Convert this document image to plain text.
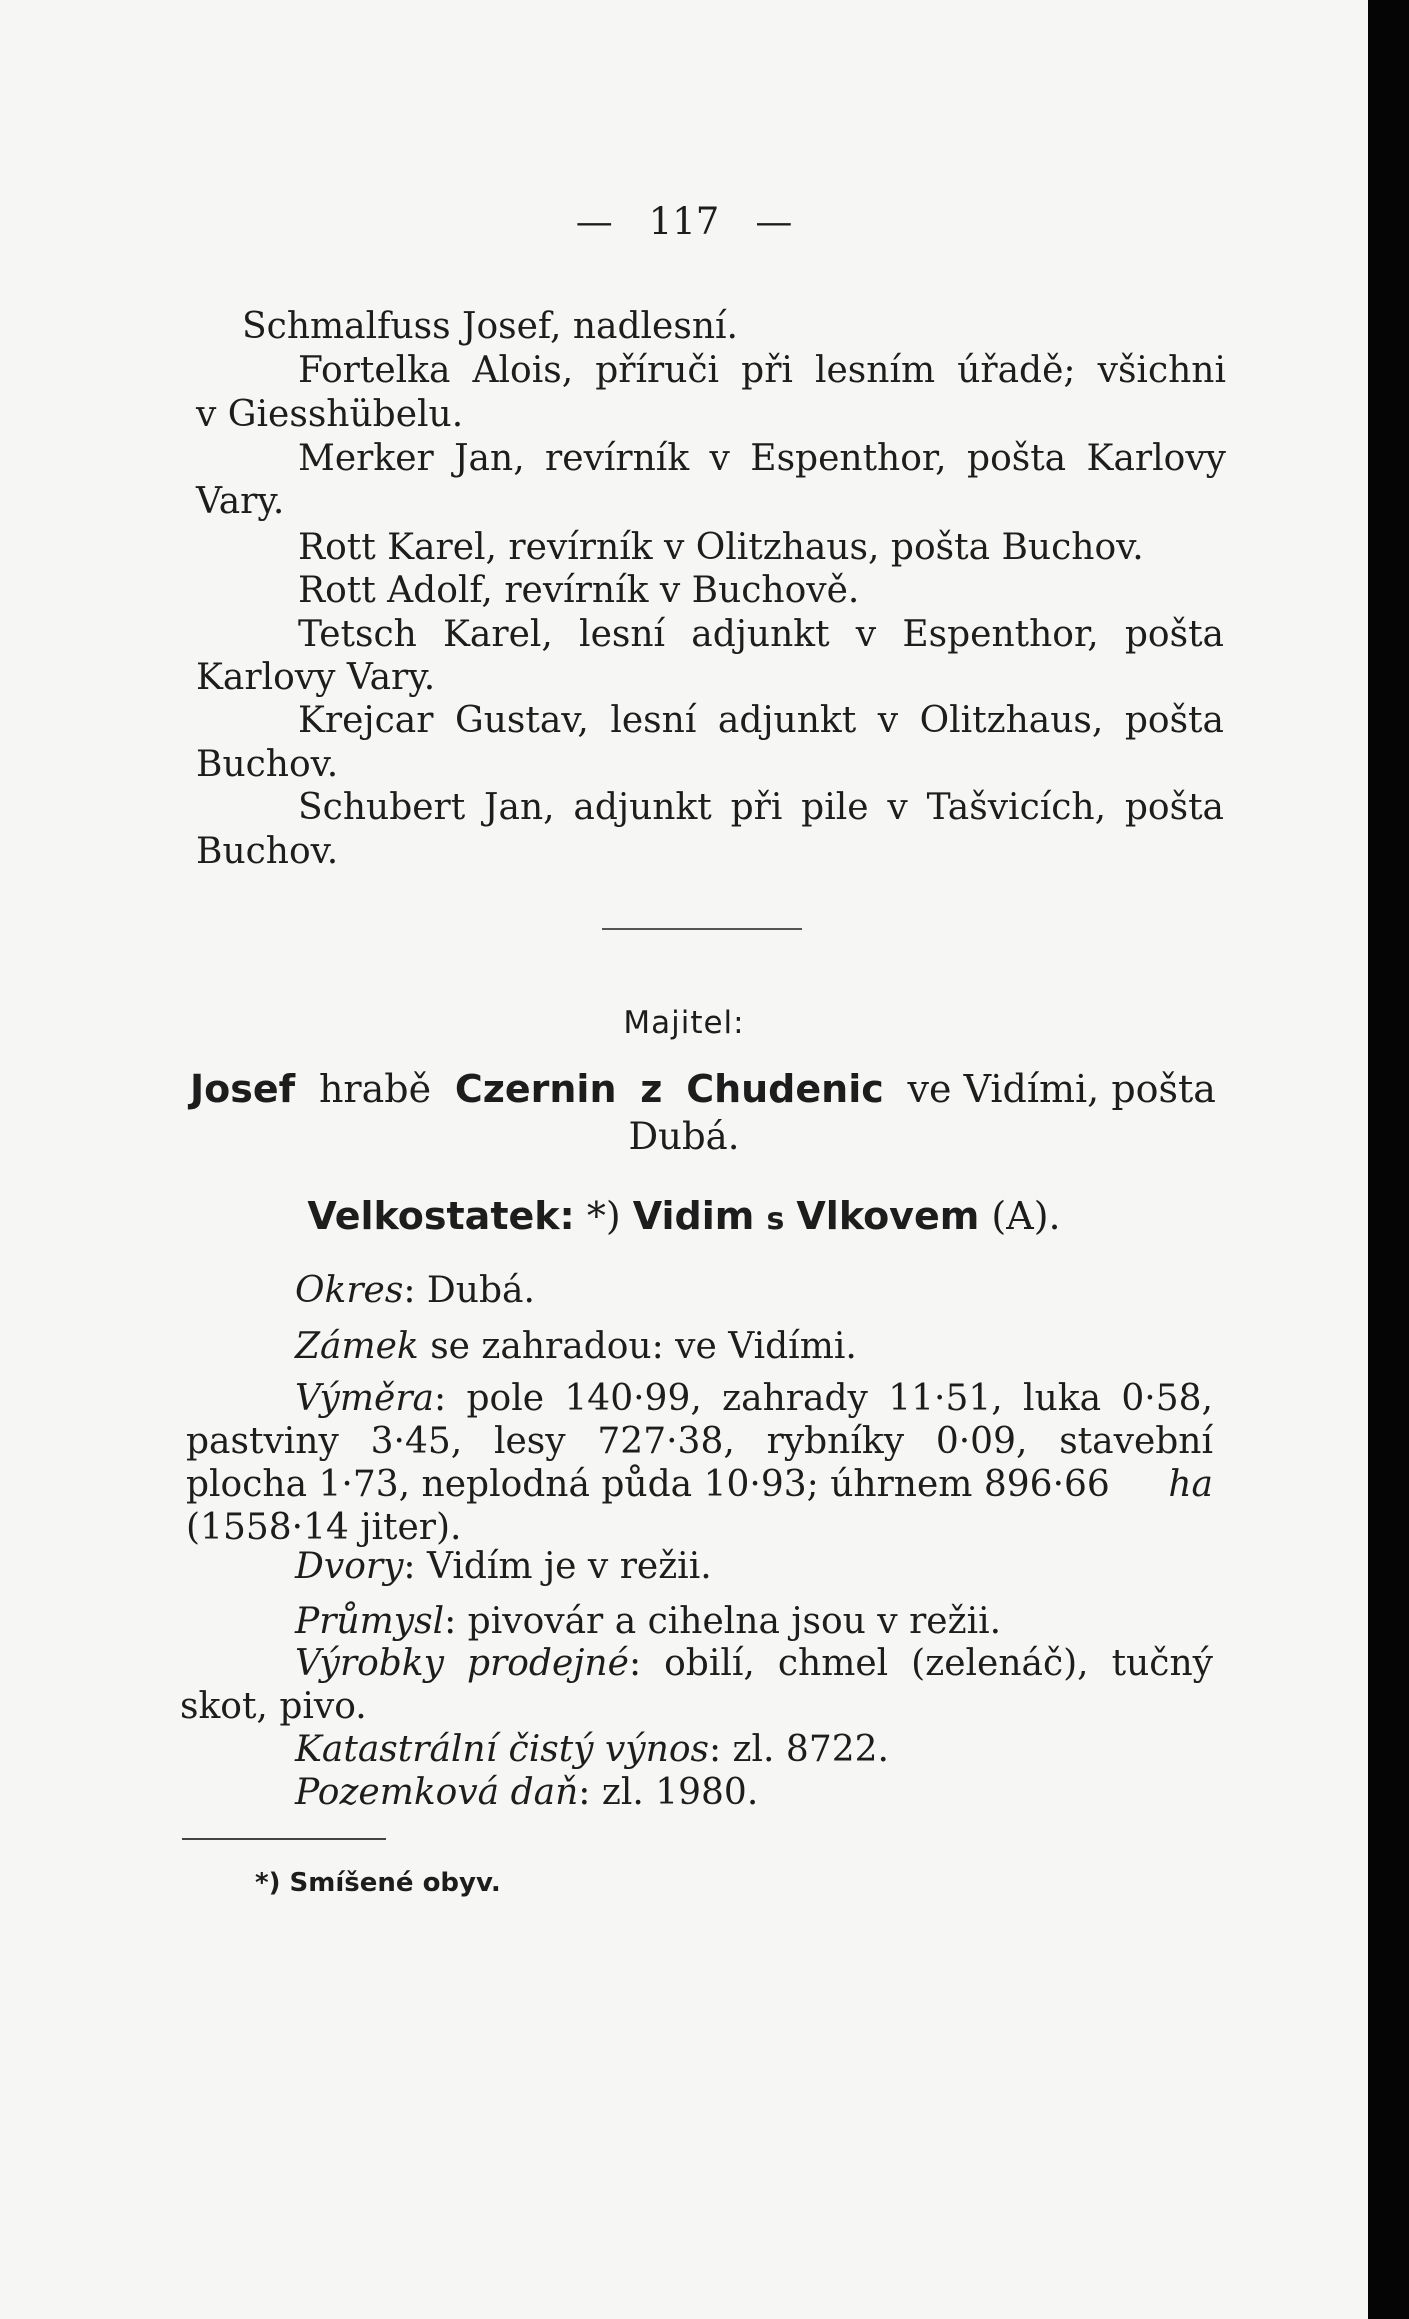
— 117 —
Schmalfuss Josef, nadlesní.
Fortelka Alois, příruči při lesním úřadě; všichni
v Giesshübelu.
Merker Jan, revírník v Espenthor, pošta Karlovy
Vary.
Rott Karel, revírník v Olitzhaus, pošta Buchov.
Rott Adolf, revírník v Buchově.
Tetsch Karel, lesní adjunkt v Espenthor, pošta
Karlovy Vary.
Krejcar Gustav, lesní adjunkt v Olitzhaus, pošta
Buchov.
Schubert Jan, adjunkt při pile v Tašvicích, pošta
Buchov.
Majitel:
Josef hrabě Czernin z Chudenic ve Vidími, pošta
Dubá.
Velkostatek: *) Vidim s Vlkovem (A).
Okres: Dubá.
Zámek se zahradou: ve Vidími.
Výměra: pole 140·99, zahrady 11·51, luka 0·58,
pastviny 3·45, lesy 727·38, rybníky 0·09, stavební
plocha 1·73, neplodná půda 10·93; úhrnem 896·66 ha
(1558·14 jiter).
Dvory: Vidím je v režii.
Průmysl: pivovár a cihelna jsou v režii.
Výrobky prodejné: obilí, chmel (zelenáč), tučný
skot, pivo.
Katastrální čistý výnos: zl. 8722.
Pozemková daň: zl. 1980.
*) Smíšené obyv.
